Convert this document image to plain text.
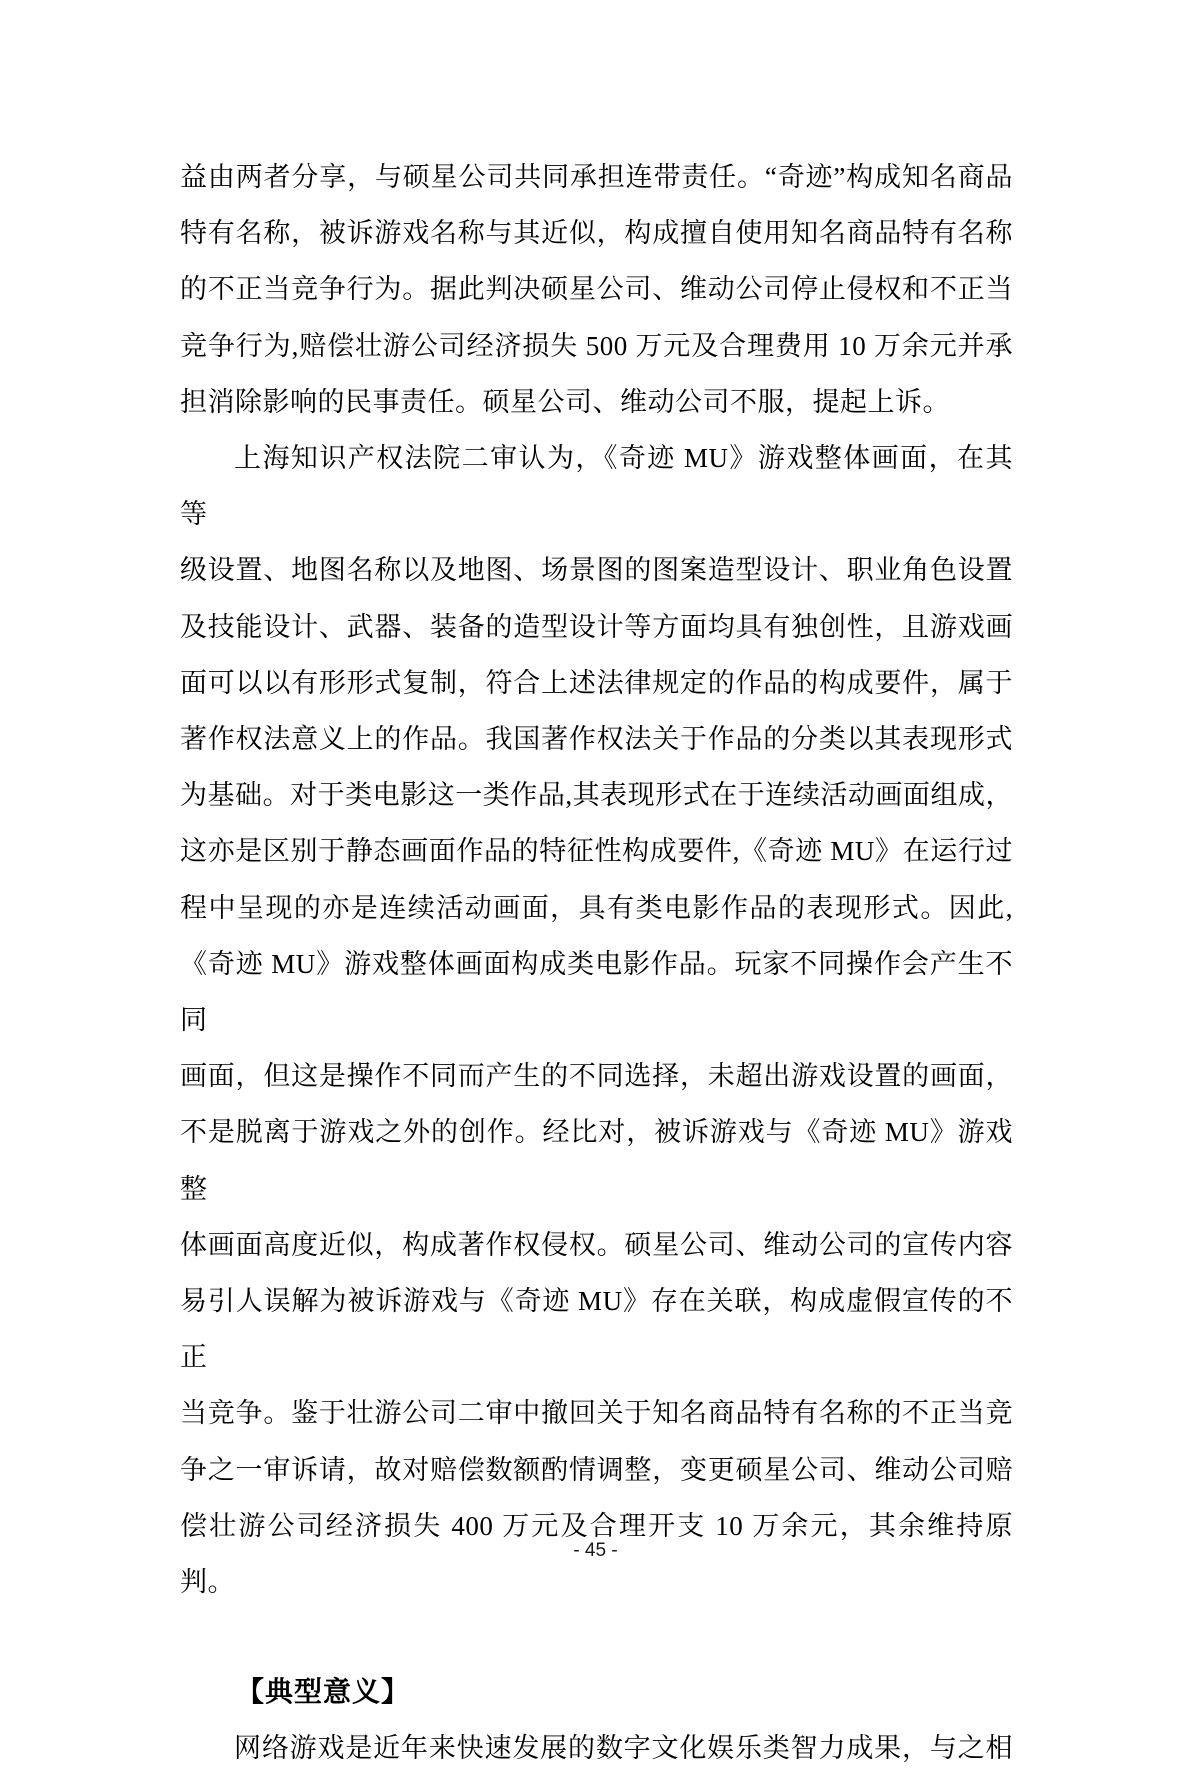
益由两者分享，与硕星公司共同承担连带责任。“奇迹”构成知名商品
特有名称，被诉游戏名称与其近似，构成擅自使用知名商品特有名称
的不正当竞争行为。据此判决硕星公司、维动公司停止侵权和不正当
竞争行为,赔偿壮游公司经济损失 500 万元及合理费用 10 万余元并承
担消除影响的民事责任。硕星公司、维动公司不服，提起上诉。
上海知识产权法院二审认为，《奇迹 MU》游戏整体画面，在其等
级设置、地图名称以及地图、场景图的图案造型设计、职业角色设置
及技能设计、武器、装备的造型设计等方面均具有独创性，且游戏画
面可以以有形形式复制，符合上述法律规定的作品的构成要件，属于
著作权法意义上的作品。我国著作权法关于作品的分类以其表现形式
为基础。对于类电影这一类作品,其表现形式在于连续活动画面组成，
这亦是区别于静态画面作品的特征性构成要件,《奇迹 MU》在运行过
程中呈现的亦是连续活动画面，具有类电影作品的表现形式。因此,
《奇迹 MU》游戏整体画面构成类电影作品。玩家不同操作会产生不同
画面，但这是操作不同而产生的不同选择，未超出游戏设置的画面，
不是脱离于游戏之外的创作。经比对，被诉游戏与《奇迹 MU》游戏整
体画面高度近似，构成著作权侵权。硕星公司、维动公司的宣传内容
易引人误解为被诉游戏与《奇迹 MU》存在关联，构成虚假宣传的不正
当竞争。鉴于壮游公司二审中撤回关于知名商品特有名称的不正当竞
争之一审诉请，故对赔偿数额酌情调整，变更硕星公司、维动公司赔
偿壮游公司经济损失 400 万元及合理开支 10 万余元，其余维持原判。
【典型意义】
网络游戏是近年来快速发展的数字文化娱乐类智力成果，与之相
- 45 -
